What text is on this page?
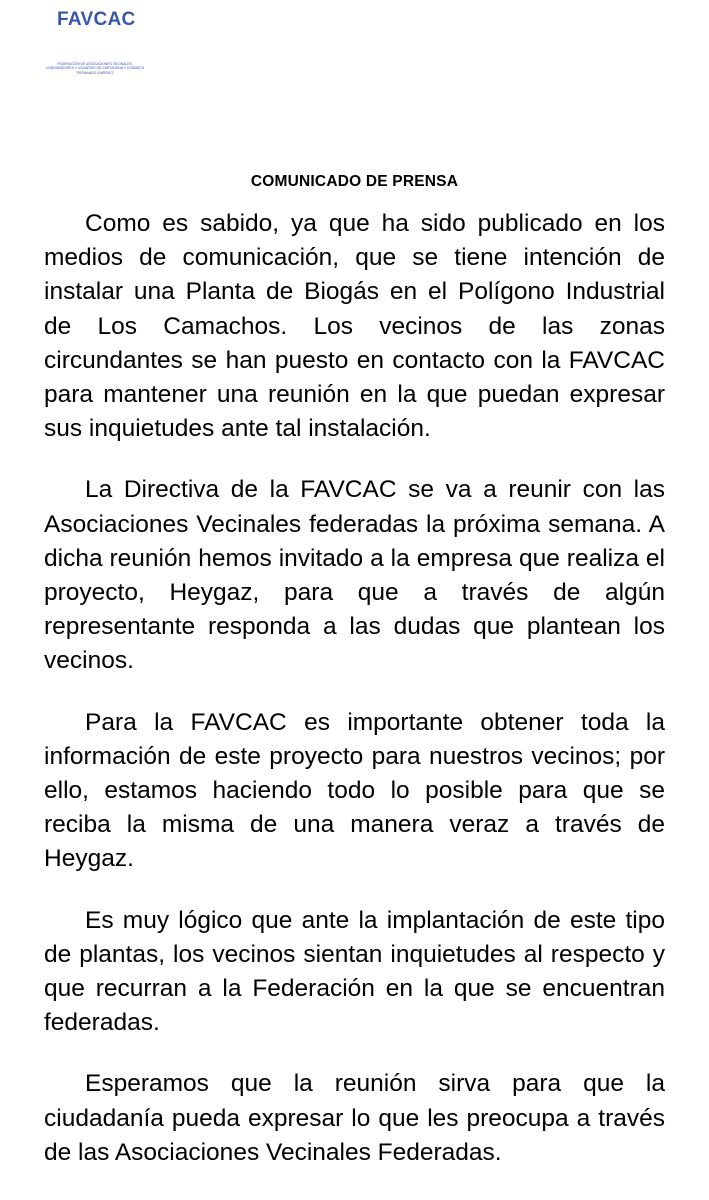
FAVCAC
FEDERACIÓN DE ASOCIACIONES VECINALES, CONSUMIDORES Y USUARIOS DE CARTAGENA Y COMARCA "FERNANDO GARRIDO"
COMUNICADO DE PRENSA

Como es sabido, ya que ha sido publicado en los medios de comunicación, que se tiene intención de instalar una Planta de Biogás en el Polígono Industrial de Los Camachos. Los vecinos de las zonas circundantes se han puesto en contacto con la FAVCAC para mantener una reunión en la que puedan expresar sus inquietudes ante tal instalación.

La Directiva de la FAVCAC se va a reunir con las Asociaciones Vecinales federadas la próxima semana. A dicha reunión hemos invitado a la empresa que realiza el proyecto, Heygaz, para que a través de algún representante responda a las dudas que plantean los vecinos.

Para la FAVCAC es importante obtener toda la información de este proyecto para nuestros vecinos; por ello, estamos haciendo todo lo posible para que se reciba la misma de una manera veraz a través de Heygaz.

Es muy lógico que ante la implantación de este tipo de plantas, los vecinos sientan inquietudes al respecto y que recurran a la Federación en la que se encuentran federadas.

Esperamos que la reunión sirva para que la ciudadanía pueda expresar lo que les preocupa a través de las Asociaciones Vecinales Federadas.
